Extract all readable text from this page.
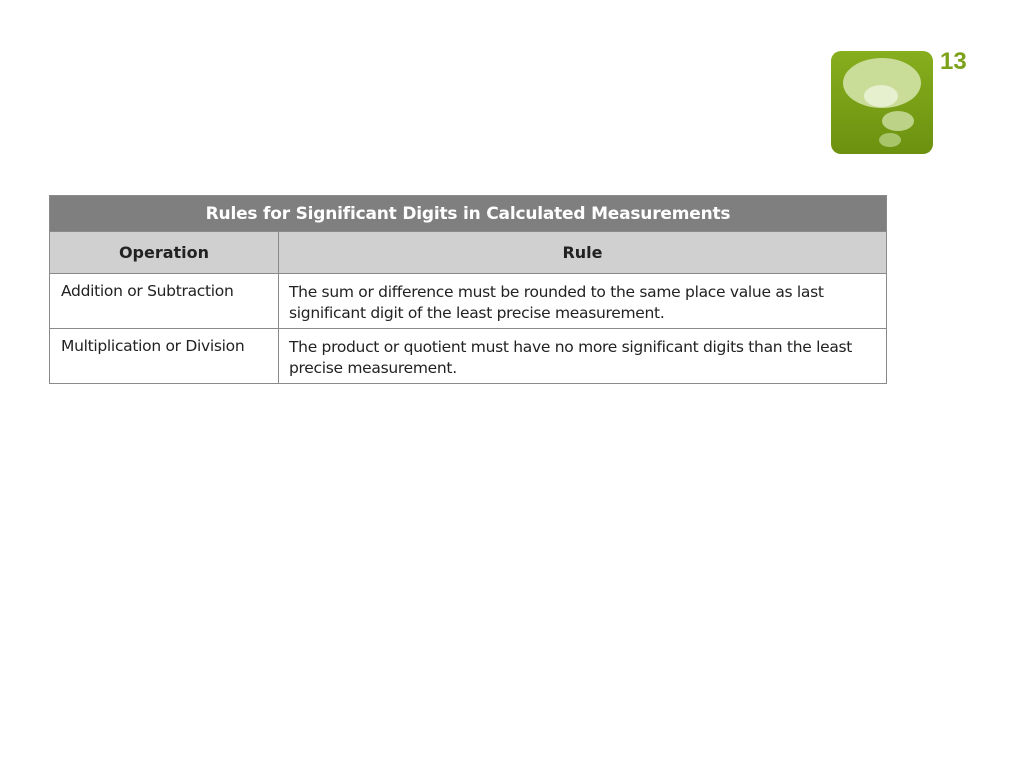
13
Rules for Significant Digits in Calculated Measurements	
Operation	Rule
Addition or Subtraction	The sum or difference must be rounded to the same place value as last significant digit of the least precise measurement.
Multiplication or Division	The product or quotient must have no more significant digits than the least precise measurement.
